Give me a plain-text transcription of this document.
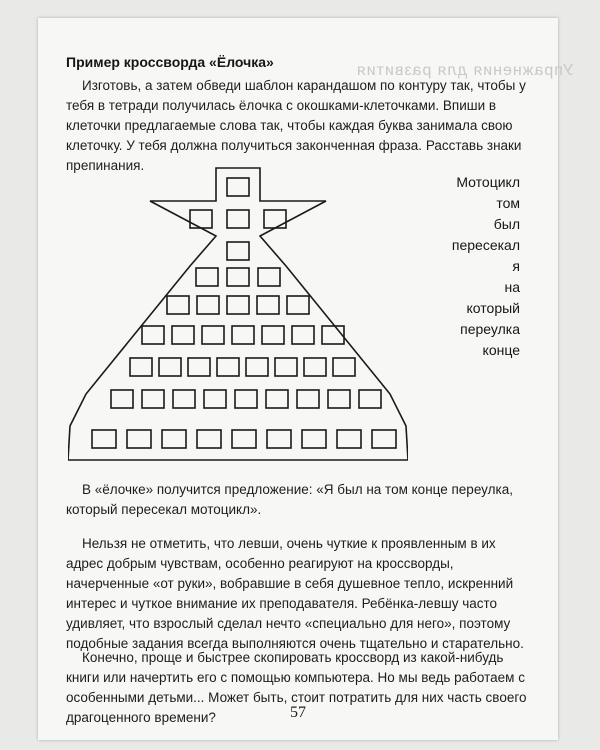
Упражнения для развития
Пример кроссворда «Ёлочка»

Изготовь, а затем обведи шаблон карандашом по контуру так, чтобы у тебя в тетради получилась ёлочка с окошками-клеточками. Впиши в клеточки предлагаемые слова так, чтобы каждая буква занимала свою клеточку. У тебя должна получиться законченная фраза. Расставь знаки препинания.

Мотоцикл
том
был
пересекал
я
на
который
переулка
конце

В «ёлочке» получится предложение: «Я был на том конце переулка, который пересекал мотоцикл».

Нельзя не отметить, что левши, очень чуткие к проявленным в их адрес добрым чувствам, особенно реагируют на кроссворды, начерченные «от руки», вобравшие в себя душевное тепло, искренний интерес и чуткое внимание их преподавателя. Ребёнка-левшу часто удивляет, что взрослый сделал нечто «специально для него», поэтому подобные задания всегда выполняются очень тщательно и старательно.

Конечно, проще и быстрее скопировать кроссворд из какой-нибудь книги или начертить его с помощью компьютера. Но мы ведь работаем с особенными детьми... Может быть, стоит потратить для них часть своего драгоценного времени?	57
